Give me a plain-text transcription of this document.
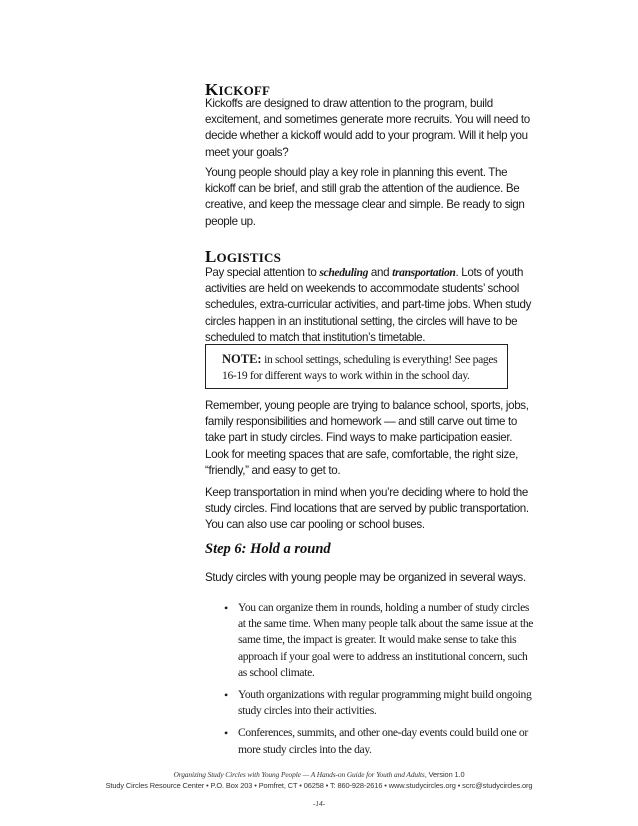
KICKOFF
Kickoffs are designed to draw attention to the program, build excitement, and sometimes generate more recruits. You will need to decide whether a kickoff would add to your program. Will it help you meet your goals?
Young people should play a key role in planning this event. The kickoff can be brief, and still grab the attention of the audience. Be creative, and keep the message clear and simple. Be ready to sign people up.
LOGISTICS
Pay special attention to scheduling and transportation. Lots of youth activities are held on weekends to accommodate students’ school schedules, extra-curricular activities, and part-time jobs. When study circles happen in an institutional setting, the circles will have to be scheduled to match that institution’s timetable.
NOTE: in school settings, scheduling is everything! See pages 16-19 for different ways to work within in the school day.
Remember, young people are trying to balance school, sports, jobs, family responsibilities and homework — and still carve out time to take part in study circles. Find ways to make participation easier. Look for meeting spaces that are safe, comfortable, the right size, “friendly,” and easy to get to.
Keep transportation in mind when you’re deciding where to hold the study circles. Find locations that are served by public transportation. You can also use car pooling or school buses.
Step 6: Hold a round
Study circles with young people may be organized in several ways.
• You can organize them in rounds, holding a number of study circles at the same time. When many people talk about the same issue at the same time, the impact is greater. It would make sense to take this approach if your goal were to address an institutional concern, such as school climate.
• Youth organizations with regular programming might build ongoing study circles into their activities.
• Conferences, summits, and other one-day events could build one or more study circles into the day.
Organizing Study Circles with Young People — A Hands-on Guide for Youth and Adults, Version 1.0
Study Circles Resource Center • P.O. Box 203 • Pomfret, CT • 06258 • T: 860-928-2616 • www.studycircles.org • scrc@studycircles.org
-14-
